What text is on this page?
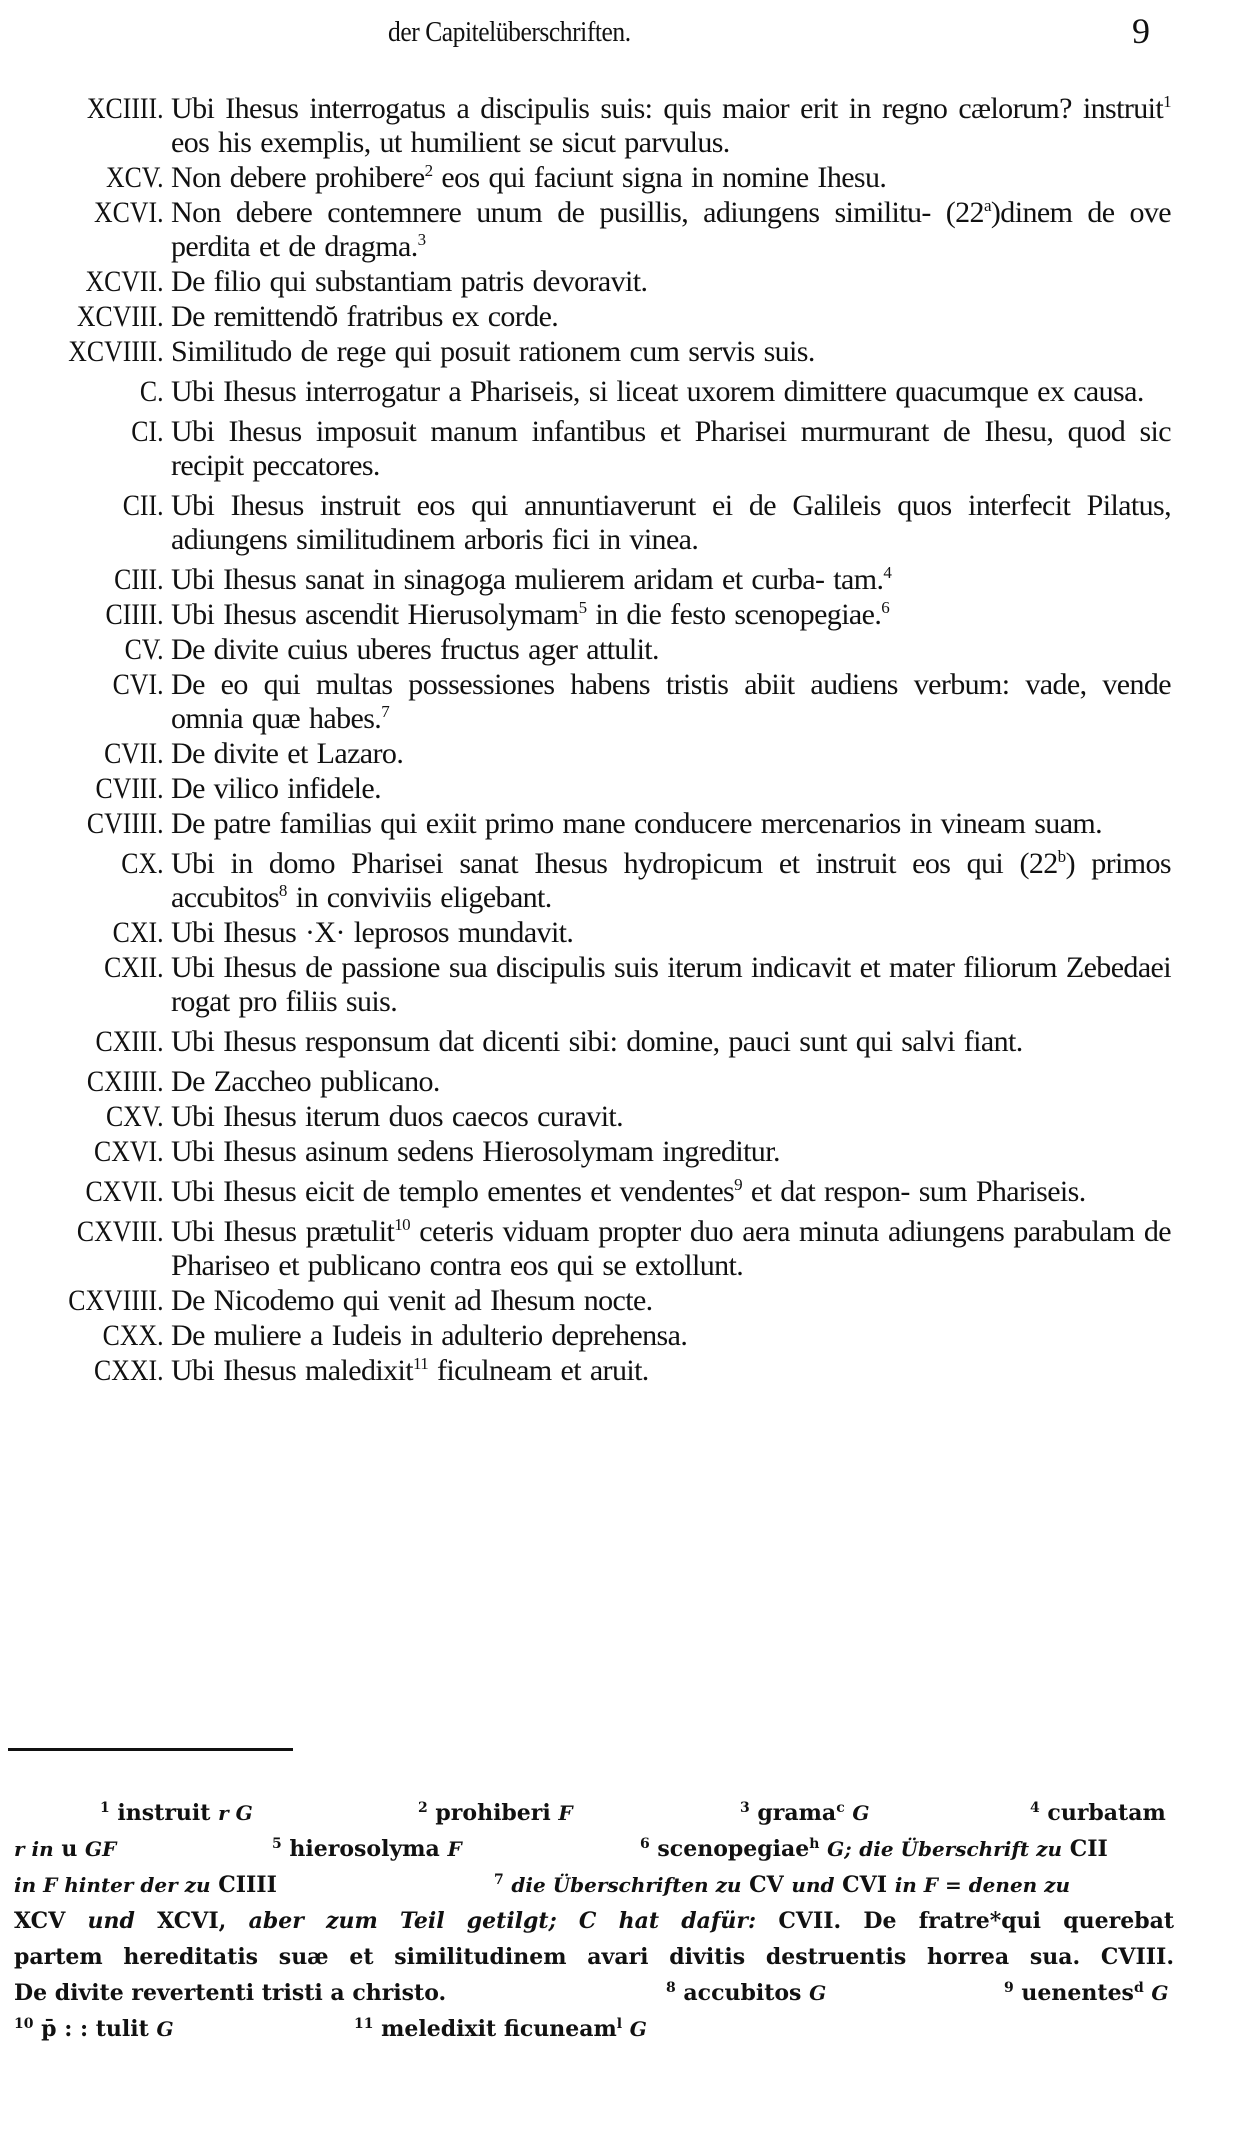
der Capitelüberschriften.	9
XCIIII. Ubi Ihesus interrogatus a discipulis suis: quis maior erit in regno cælorum? instruit$^1$ eos his exemplis, ut humilient se sicut parvulus.
XCV. Non debere prohibere$^2$ eos qui faciunt signa in nomine Ihesu.
XCVI. Non debere contemnere unum de pusillis, adiungens similitu- (22$^a$)dinem de ove perdita et de dragma.$^3$
XCVII. De filio qui substantiam patris devoravit.
XCVIII. De remittendŏ fratribus ex corde.
XCVIIII. Similitudo de rege qui posuit rationem cum servis suis.
C. Ubi Ihesus interrogatur a Phariseis, si liceat uxorem dimittere quacumque ex causa.
CI. Ubi Ihesus imposuit manum infantibus et Pharisei murmurant de Ihesu, quod sic recipit peccatores.
CII. Ubi Ihesus instruit eos qui annuntiaverunt ei de Galileis quos interfecit Pilatus, adiungens similitudinem arboris fici in vinea.
CIII. Ubi Ihesus sanat in sinagoga mulierem aridam et curba- tam.$^4$
CIIII. Ubi Ihesus ascendit Hierusolymam$^5$ in die festo scenopegiae.$^6$
CV. De divite cuius uberes fructus ager attulit.
CVI. De eo qui multas possessiones habens tristis abiit audiens verbum: vade, vende omnia quæ habes.$^7$
CVII. De divite et Lazaro.
CVIII. De vilico infidele.
CVIIII. De patre familias qui exiit primo mane conducere mercenarios in vineam suam.
CX. Ubi in domo Pharisei sanat Ihesus hydropicum et instruit eos qui (22$^b$) primos accubitos$^8$ in conviviis eligebant.
CXI. Ubi Ihesus ·X· leprosos mundavit.
CXII. Ubi Ihesus de passione sua discipulis suis iterum indicavit et mater filiorum Zebedaei rogat pro filiis suis.
CXIII. Ubi Ihesus responsum dat dicenti sibi: domine, pauci sunt qui salvi fiant.
CXIIII. De Zaccheo publicano.
CXV. Ubi Ihesus iterum duos caecos curavit.
CXVI. Ubi Ihesus asinum sedens Hierosolymam ingreditur.
CXVII. Ubi Ihesus eicit de templo ementes et vendentes$^9$ et dat respon- sum Phariseis.
CXVIII. Ubi Ihesus prætulit$^{10}$ ceteris viduam propter duo aera minuta adiungens parabulam de Phariseo et publicano contra eos qui se extollunt.
CXVIIII. De Nicodemo qui venit ad Ihesum nocte.
CXX. De muliere a Iudeis in adulterio deprehensa.
CXXI. Ubi Ihesus maledixit$^{11}$ ficulneam et aruit.
$^1$ instruit r G	$^2$ prohiberi F	$^3$ grama$^c$ G	$^4$ curbatam
r in u GF	$^5$ hierosolyma F	$^6$ scenopegiae$^h$ G; die Überschrift zu CII
in F hinter der zu CIIII	$^7$ die Überschriften zu CV und CVI in F = denen zu
XCV und XCVI, aber zum Teil getilgt; C hat dafür: CVII. De fratre*qui querebat
partem hereditatis suæ et similitudinem avari divitis destruentis horrea sua. CVIII.
De divite revertenti tristi a christo.	$^8$ accubitos G	$^9$ uenentes$^d$ G
$^{10}$ p̄ : : tulit G	$^{11}$ meledixit ficuneam$^l$ G
